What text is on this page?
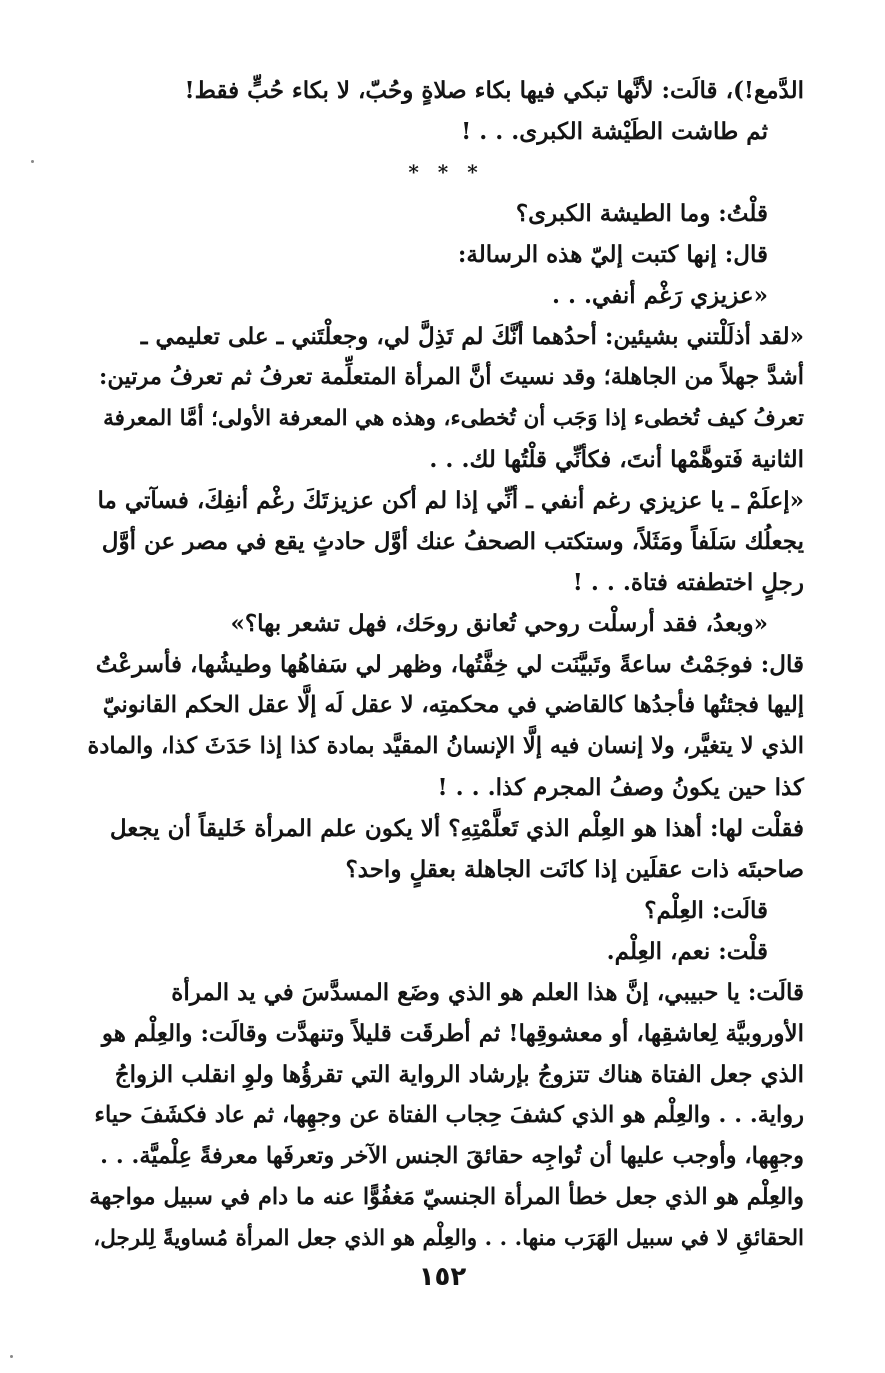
الدَّمع!)، قالَت: لأنَّها تبكي فيها بكاء صلاةٍ وحُبّ، لا بكاء حُبٍّ فقط!
ثم طاشت الطَيْشة الكبرى. . . !
* * *
قلْتُ: وما الطيشة الكبرى؟
قال: إنها كتبت إليّ هذه الرسالة:
«عزيزي رَغْم أنفي. . .
«لقد أذلَلْتني بشيئين: أحدُهما أنَّكَ لم تَذِلَّ لي، وجعلْتَني ـ على تعليمي ـ
أشدَّ جهلاً من الجاهلة؛ وقد نسيتَ أنَّ المرأة المتعلِّمة تعرفُ ثم تعرفُ مرتين:
تعرفُ كيف تُخطىء إذا وَجَب أن تُخطىء، وهذه هي المعرفة الأولى؛ أمَّا المعرفة
الثانية فَتوهَّمْها أنتَ، فكأنِّي قلْتُها لك. . .
«إعلَمْ ـ يا عزيزي رغم أنفي ـ أنِّي إذا لم أكن عزيزتَكَ رغْم أنفِكَ، فسآتي ما
يجعلُك سَلَفاً ومَثَلاً، وستكتب الصحفُ عنك أوَّل حادثٍ يقع في مصر عن أوَّل
رجلٍ اختطفته فتاة. . . !
«وبعدُ، فقد أرسلْت روحي تُعانق روحَك، فهل تشعر بها؟»
قال: فوجَمْتُ ساعةً وتَبيَّنَت لي خِفَّتُها، وظهر لي سَفاهُها وطيشُها، فأسرعْتُ
إليها فجئتُها فأجدُها كالقاضي في محكمتِه، لا عقل لَه إلَّا عقل الحكم القانونيّ
الذي لا يتغيَّر، ولا إنسان فيه إلَّا الإنسانُ المقيَّد بمادة كذا إذا حَدَثَ كذا، والمادة
كذا حين يكونُ وصفُ المجرم كذا. . . !
فقلْت لها: أهذا هو العِلْم الذي تَعلَّمْتِهِ؟ ألا يكون علم المرأة خَليقاً أن يجعل
صاحبتَه ذات عقلَين إذا كانَت الجاهلة بعقلٍ واحد؟
قالَت: العِلْم؟
قلْت: نعم، العِلْم.
قالَت: يا حبيبي، إنَّ هذا العلم هو الذي وضَع المسدَّسَ في يد المرأة
الأوروبيَّة لِعاشقِها، أو معشوقِها! ثم أطرقَت قليلاً وتنهدَّت وقالَت: والعِلْم هو
الذي جعل الفتاة هناك تتزوجُ بإرشاد الرواية التي تقرؤُها ولوِ انقلب الزواجُ
رواية. . . والعِلْم هو الذي كشفَ حِجاب الفتاة عن وجهِها، ثم عاد فكشَفَ حياء
وجهِها، وأوجب عليها أن تُواجِه حقائقَ الجنس الآخر وتعرفَها معرفةً عِلْميَّة. . .
والعِلْم هو الذي جعل خطأ المرأة الجنسيّ مَغفُوًّا عنه ما دام في سبيل مواجهة
الحقائقِ لا في سبيل الهَرَب منها. . . والعِلْم هو الذي جعل المرأة مُساويةً لِلرجل،
١٥٢
